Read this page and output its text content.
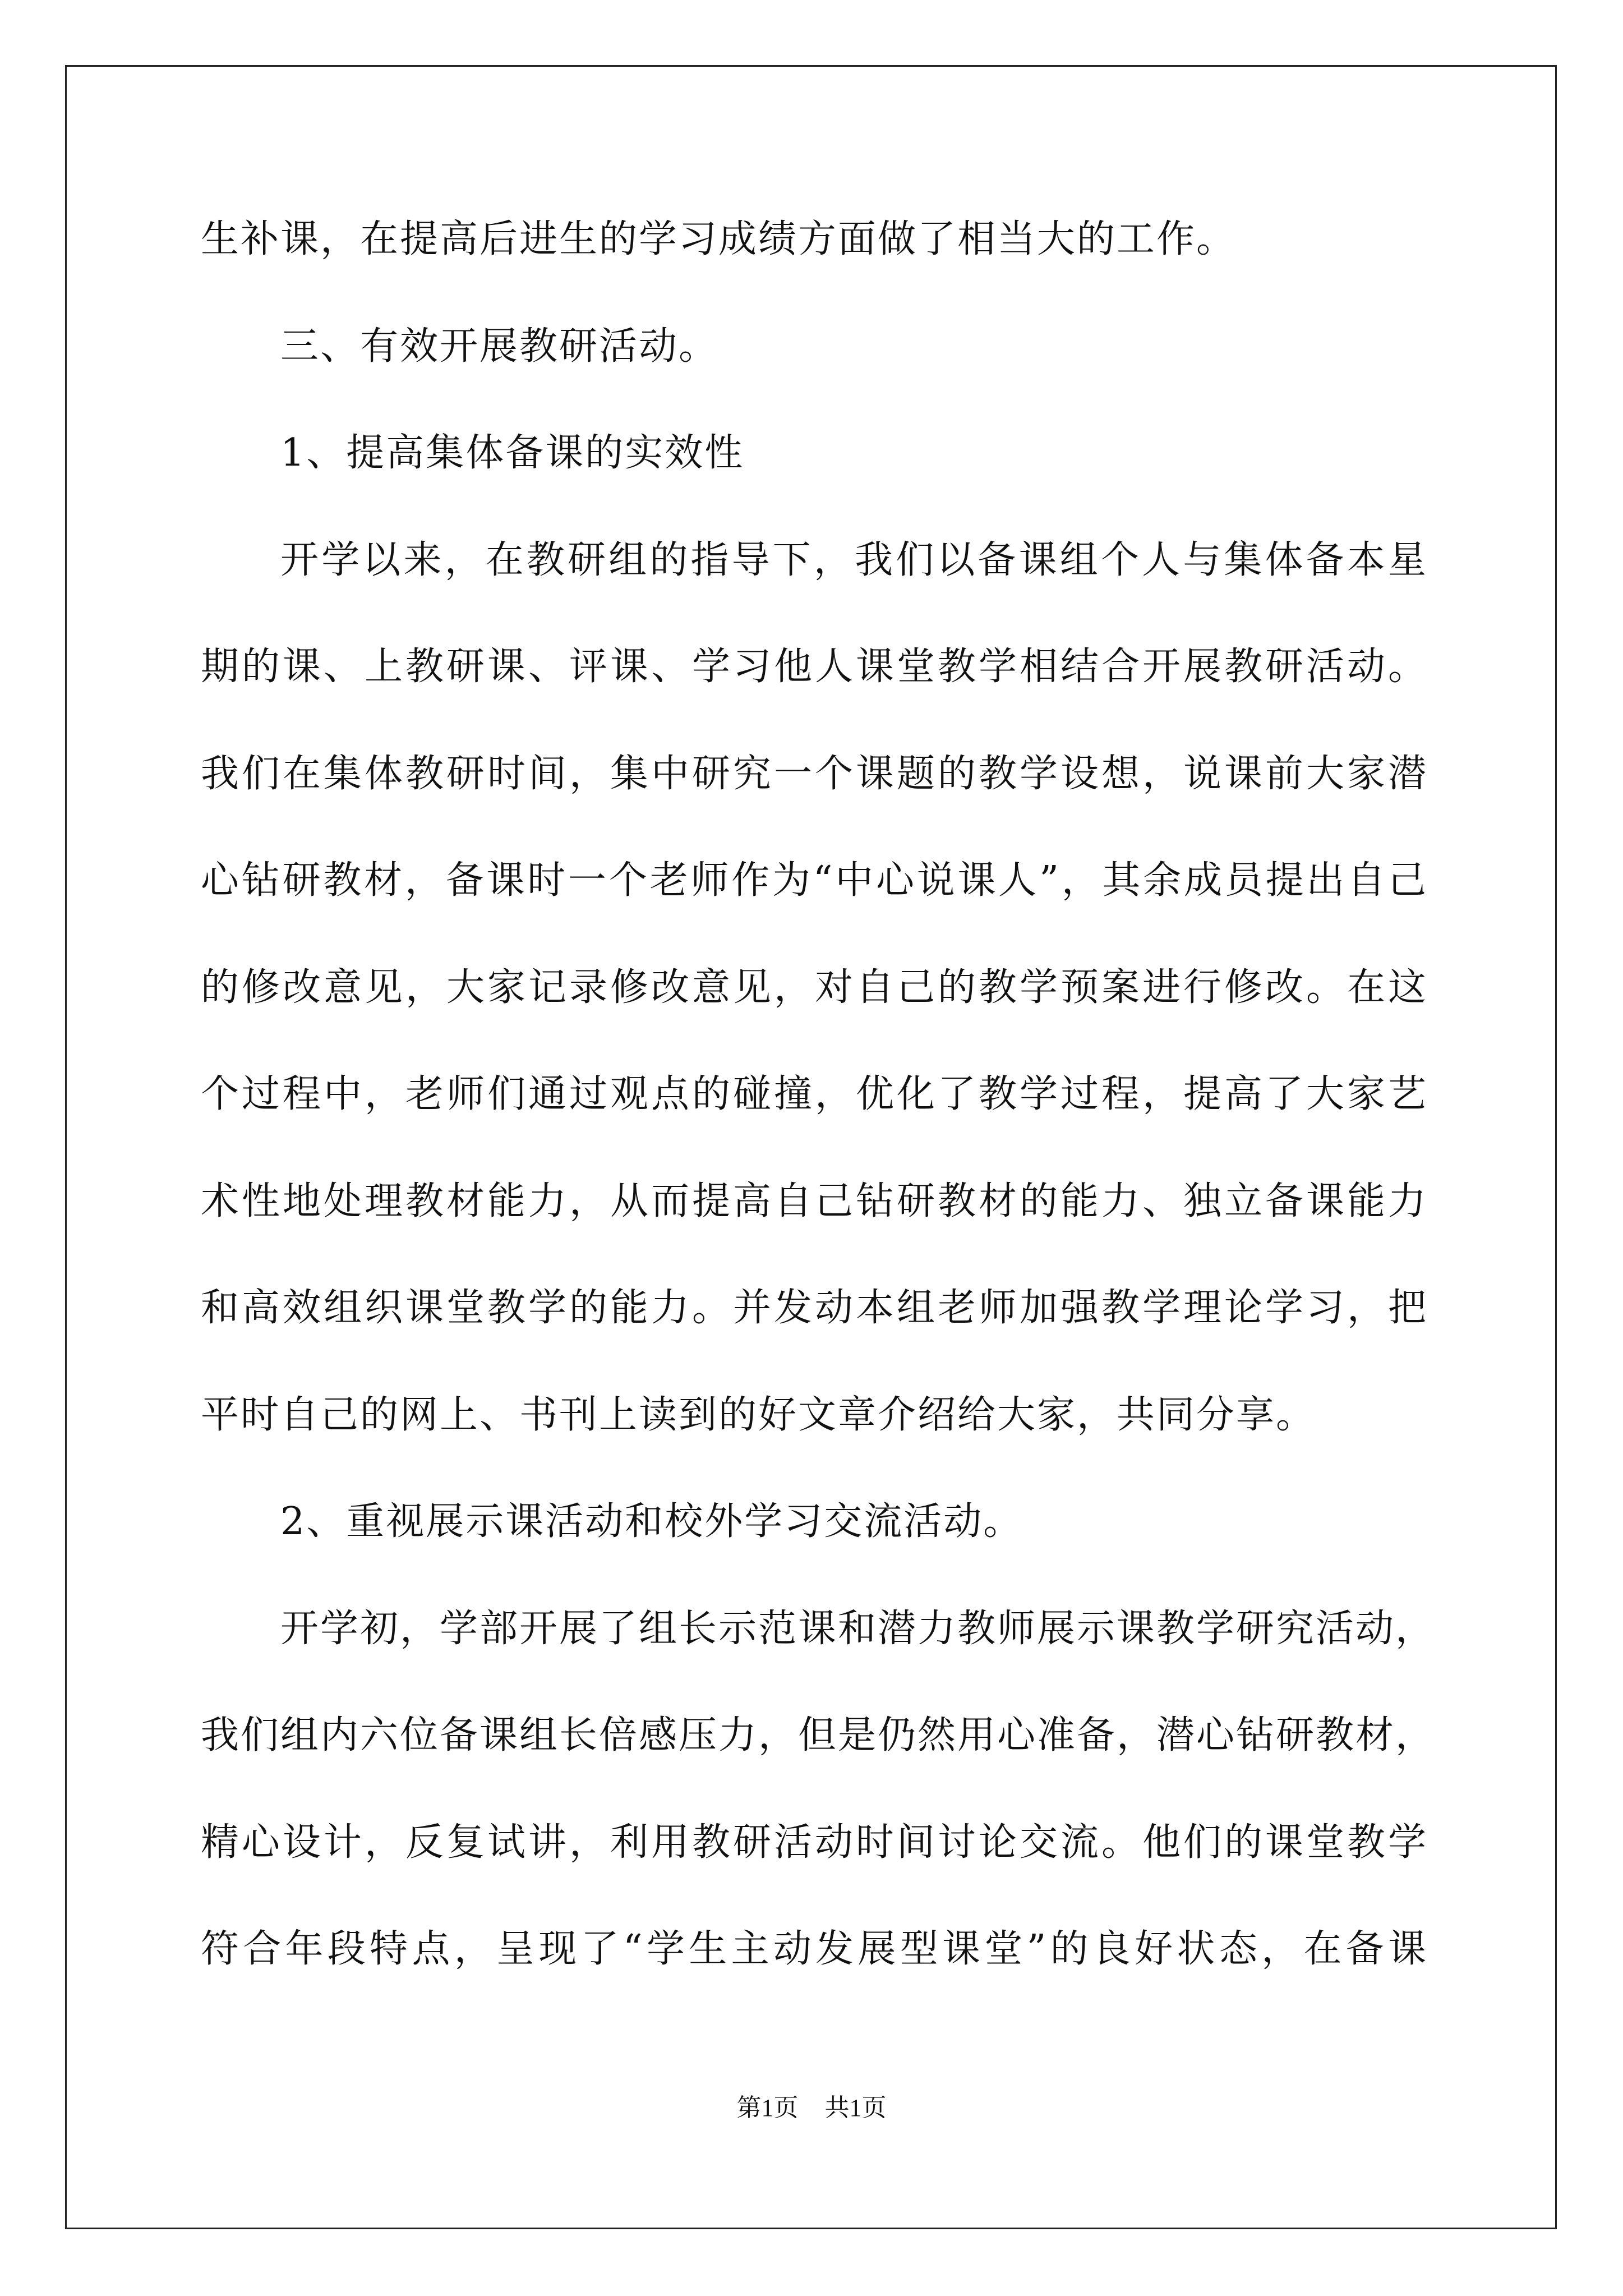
生补课，在提高后进生的学习成绩方面做了相当大的工作。
三、有效开展教研活动。
1、提高集体备课的实效性
开学以来，在教研组的指导下，我们以备课组个人与集体备本星
期的课、上教研课、评课、学习他人课堂教学相结合开展教研活动。
我们在集体教研时间，集中研究一个课题的教学设想，说课前大家潜
心钻研教材，备课时一个老师作为“中心说课人”，其余成员提出自己
的修改意见，大家记录修改意见，对自己的教学预案进行修改。在这
个过程中，老师们通过观点的碰撞，优化了教学过程，提高了大家艺
术性地处理教材能力，从而提高自己钻研教材的能力、独立备课能力
和高效组织课堂教学的能力。并发动本组老师加强教学理论学习，把
平时自己的网上、书刊上读到的好文章介绍给大家，共同分享。
2、重视展示课活动和校外学习交流活动。
开学初，学部开展了组长示范课和潜力教师展示课教学研究活动，
我们组内六位备课组长倍感压力，但是仍然用心准备，潜心钻研教材，
精心设计，反复试讲，利用教研活动时间讨论交流。他们的课堂教学
符合年段特点，呈现了“学生主动发展型课堂”的良好状态，在备课
第1页 共1页
